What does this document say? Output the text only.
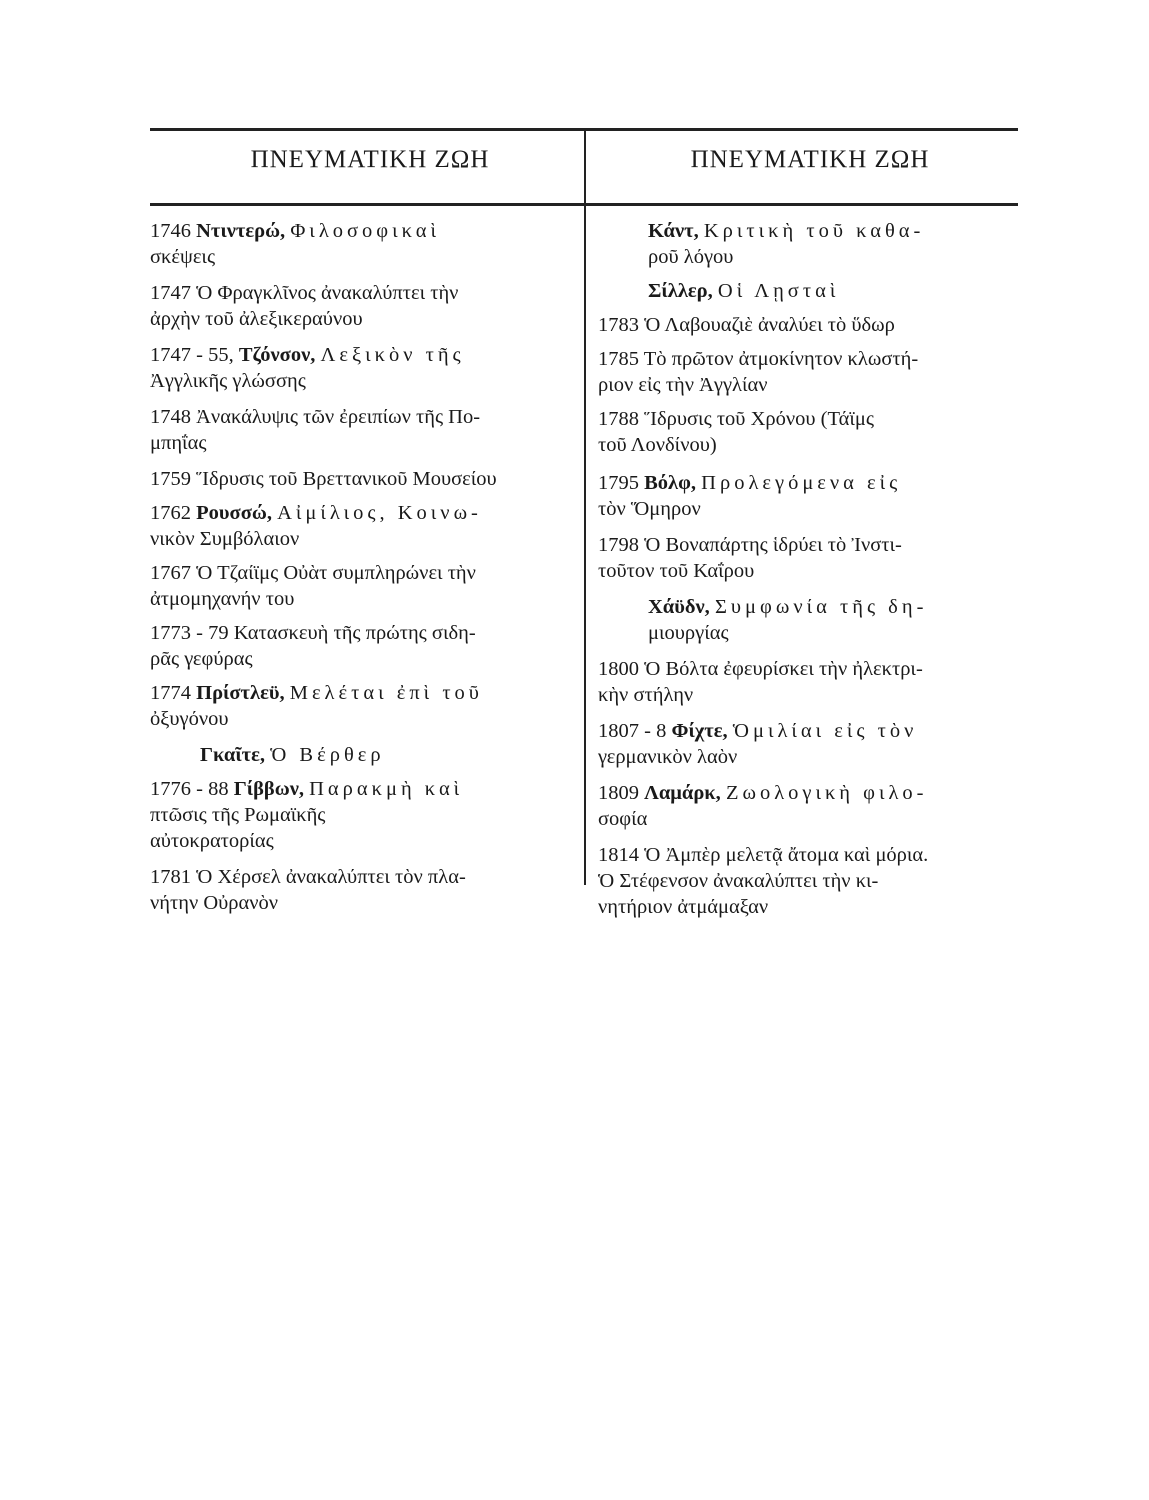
ΠΝΕΥΜΑΤΙΚΗ ΖΩΗ	ΠΝΕΥΜΑΤΙΚΗ ΖΩΗ
1746 Ντιντερώ, Φιλοσοφικαὶ
σκέψεις
1747 Ὁ Φραγκλῖνος ἀνακαλύπτει τὴν
ἀρχὴν τοῦ ἀλεξικεραύνου
1747 - 55, Τζόνσον, Λεξικὸν τῆς
Ἀγγλικῆς γλώσσης
1748 Ἀνακάλυψις τῶν ἐρειπίων τῆς Πο-
μπηΐας
1759 Ἵδρυσις τοῦ Βρεττανικοῦ Μουσείου
1762 Ρουσσώ, Αἰμίλιος, Κοινω-
νικὸν Συμβόλαιον
1767 Ὁ Τζαίϊμς Οὐὰτ συμπληρώνει τὴν
ἀτμομηχανήν του
1773 - 79 Κατασκευὴ τῆς πρώτης σιδη-
ρᾶς γεφύρας
1774 Πρίστλεϋ, Μελέται ἐπὶ τοῦ
ὀξυγόνου
Γκαῖτε, Ὁ Βέρθερ
1776 - 88 Γίββων, Παρακμὴ καὶ
πτῶσις τῆς Ρωμαϊκῆς
αὐτοκρατορίας
1781 Ὁ Χέρσελ ἀνακαλύπτει τὸν πλα-
νήτην Οὐρανὸν
Κάντ, Κριτικὴ τοῦ καθα-
ροῦ λόγου
Σίλλερ, Οἱ Λῃσταὶ
1783 Ὁ Λαβουαζιὲ ἀναλύει τὸ ὕδωρ
1785 Τὸ πρῶτον ἀτμοκίνητον κλωστή-
ριον εἰς τὴν Ἀγγλίαν
1788 Ἵδρυσις τοῦ Χρόνου (Τάϊμς
τοῦ Λονδίνου)
1795 Βόλφ, Προλεγόμενα εἰς
τὸν Ὅμηρον
1798 Ὁ Βοναπάρτης ἱδρύει τὸ Ἰνστι-
τοῦτον τοῦ Καΐρου
Χάϋδν, Συμφωνία τῆς δη-
μιουργίας
1800 Ὁ Βόλτα ἐφευρίσκει τὴν ἠλεκτρι-
κὴν στήλην
1807 - 8 Φίχτε, Ὁμιλίαι εἰς τὸν
γερμανικὸν λαὸν
1809 Λαμάρκ, Ζωολογικὴ φιλο-
σοφία
1814 Ὁ Ἀμπὲρ μελετᾷ ἄτομα καὶ μόρια.
Ὁ Στέφενσον ἀνακαλύπτει τὴν κι-
νητήριον ἀτμάμαξαν
